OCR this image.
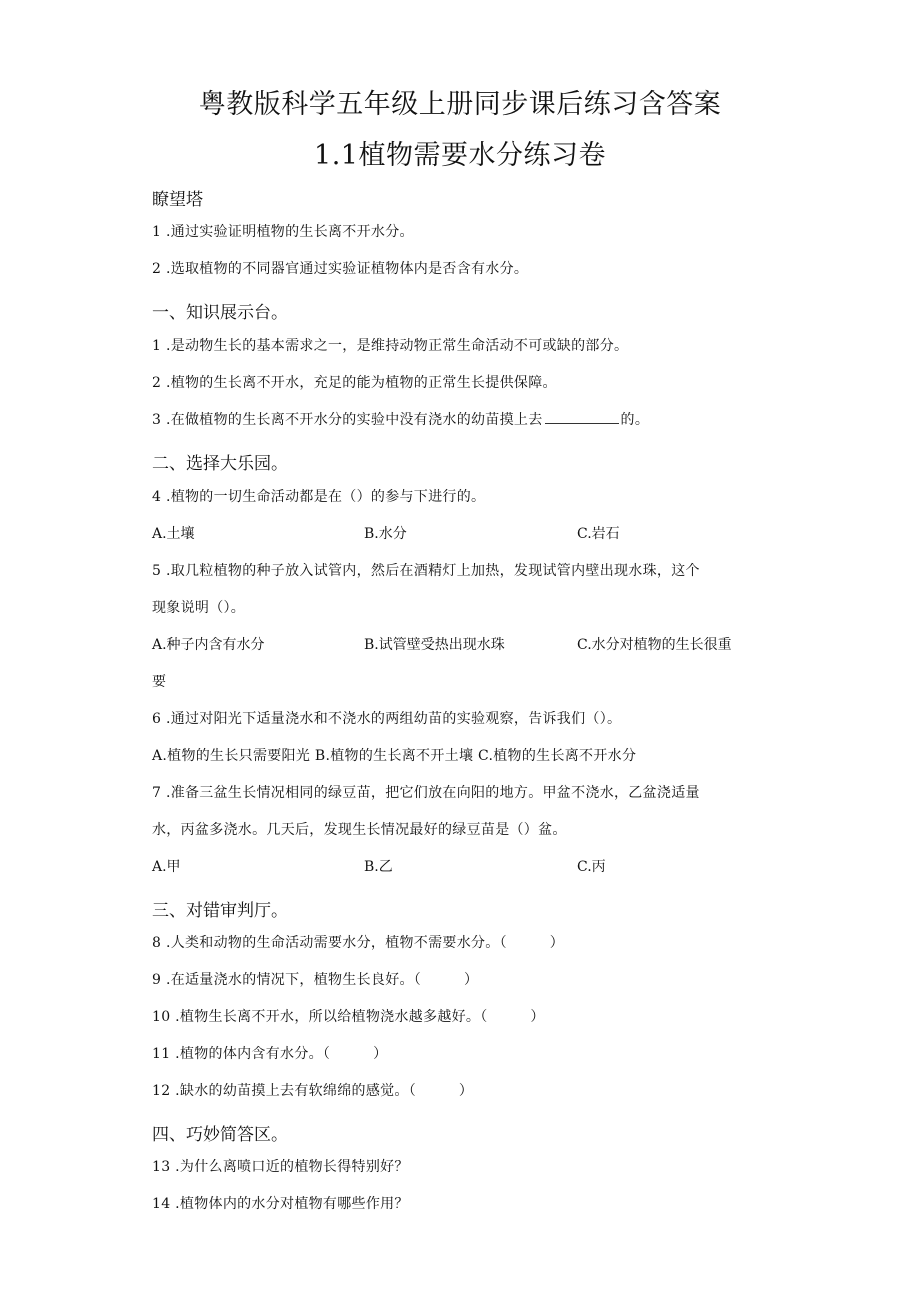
粤教版科学五年级上册同步课后练习含答案
1.1植物需要水分练习卷
瞭望塔
1 .通过实验证明植物的生长离不开水分。
2 .选取植物的不同器官通过实验证植物体内是否含有水分。
一、知识展示台。
1 .是动物生长的基本需求之一，是维持动物正常生命活动不可或缺的部分。
2 .植物的生长离不开水，充足的能为植物的正常生长提供保障。
3 .在做植物的生长离不开水分的实验中没有浇水的幼苗摸上去	的。
二、选择大乐园。
4 .植物的一切生命活动都是在（）的参与下进行的。
A.土壤	B.水分	C.岩石
5 .取几粒植物的种子放入试管内，然后在酒精灯上加热，发现试管内壁出现水珠，这个
现象说明（）。
A.种子内含有水分	B.试管壁受热出现水珠	C.水分对植物的生长很重
要
6 .通过对阳光下适量浇水和不浇水的两组幼苗的实验观察，告诉我们（）。
A.植物的生长只需要阳光 B.植物的生长离不开土壤 C.植物的生长离不开水分
7 .准备三盆生长情况相同的绿豆苗，把它们放在向阳的地方。甲盆不浇水，乙盆浇适量
水，丙盆多浇水。几天后，发现生长情况最好的绿豆苗是（）盆。
A.甲	B.乙	C.丙
三、对错审判厅。
8 .人类和动物的生命活动需要水分，植物不需要水分。（　　　）
9 .在适量浇水的情况下，植物生长良好。（　　　）
10 .植物生长离不开水，所以给植物浇水越多越好。（　　　）
11 .植物的体内含有水分。（　　　）
12 .缺水的幼苗摸上去有软绵绵的感觉。（　　　）
四、巧妙简答区。
13 .为什么离喷口近的植物长得特别好？
14 .植物体内的水分对植物有哪些作用？
